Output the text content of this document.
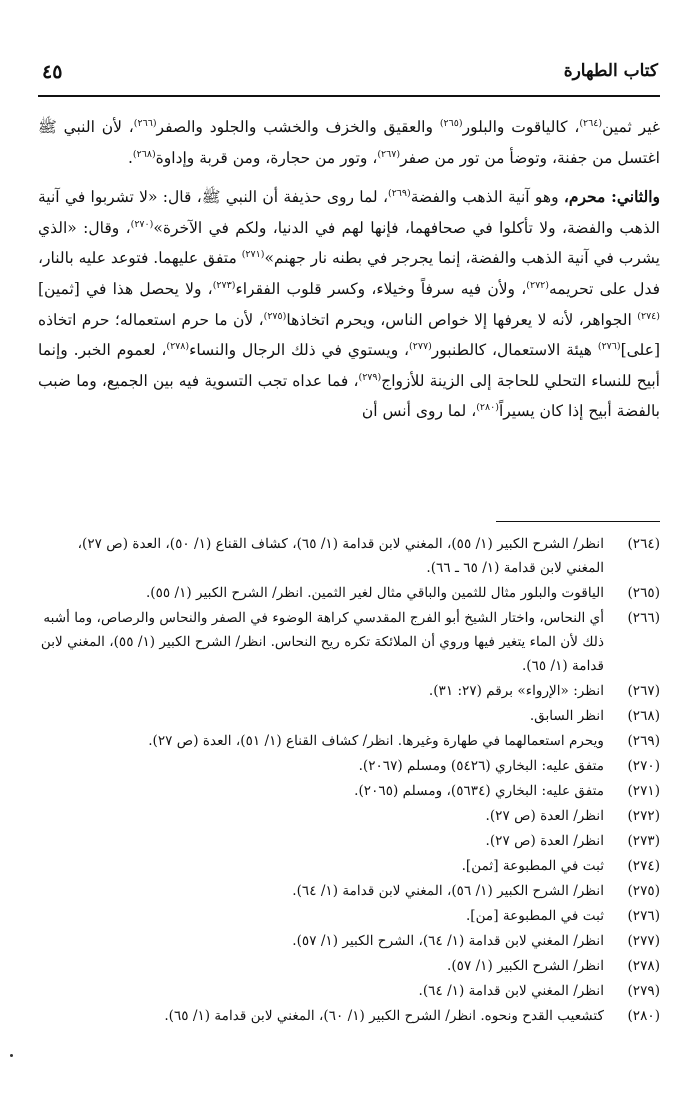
٤٥	كتاب الطهارة

غير ثمين$^{(٢٦٤)}$، كالياقوت والبلور$^{(٢٦٥)}$ والعقيق والخزف والخشب والجلود والصفر$^{(٢٦٦)}$، لأن النبي ﷺ اغتسل من جفنة، وتوضأ من تور من صفر$^{(٢٦٧)}$، وتور من حجارة، ومن قربة وإداوة$^{(٢٦٨)}$.

والثاني: محرم، وهو آنية الذهب والفضة$^{(٢٦٩)}$، لما روى حذيفة أن النبي ﷺ، قال: «لا تشربوا في آنية الذهب والفضة، ولا تأكلوا في صحافهما، فإنها لهم في الدنيا، ولكم في الآخرة»$^{(٢٧٠)}$، وقال: «الذي يشرب في آنية الذهب والفضة، إنما يجرجر في بطنه نار جهنم»$^{(٢٧١)}$ متفق عليهما. فتوعد عليه بالنار، فدل على تحريمه$^{(٢٧٢)}$، ولأن فيه سرفاً وخيلاء، وكسر قلوب الفقراء$^{(٢٧٣)}$، ولا يحصل هذا في [ثمين]$^{(٢٧٤)}$ الجواهر، لأنه لا يعرفها إلا خواص الناس، ويحرم اتخاذها$^{(٢٧٥)}$، لأن ما حرم استعماله؛ حرم اتخاذه [على]$^{(٢٧٦)}$ هيئة الاستعمال، كالطنبور$^{(٢٧٧)}$، ويستوي في ذلك الرجال والنساء$^{(٢٧٨)}$، لعموم الخبر. وإنما أبيح للنساء التحلي للحاجة إلى الزينة للأزواج$^{(٢٧٩)}$، فما عداه تجب التسوية فيه بين الجميع، وما ضبب بالفضة أبيح إذا كان يسيراً$^{(٢٨٠)}$، لما روى أنس أن

(٢٦٤)
انظر/ الشرح الكبير (١/ ٥٥)، المغني لابن قدامة (١/ ٦٥)، كشاف القناع (١/ ٥٠)، العدة (ص ٢٧)، المغني لابن قدامة (١/ ٦٥ ـ ٦٦).
(٢٦٥)
الياقوت والبلور مثال للثمين والباقي مثال لغير الثمين. انظر/ الشرح الكبير (١/ ٥٥).
(٢٦٦)
أي النحاس، واختار الشيخ أبو الفرج المقدسي كراهة الوضوء في الصفر والنحاس والرصاص، وما أشبه ذلك لأن الماء يتغير فيها وروي أن الملائكة تكره ريح النحاس. انظر/ الشرح الكبير (١/ ٥٥)، المغني لابن قدامة (١/ ٦٥).
(٢٦٧)
انظر: «الإرواء» برقم (٢٧: ٣١).
(٢٦٨)
انظر السابق.
(٢٦٩)
ويحرم استعمالهما في طهارة وغيرها. انظر/ كشاف القناع (١/ ٥١)، العدة (ص ٢٧).
(٢٧٠)
متفق عليه: البخاري (٥٤٢٦) ومسلم (٢٠٦٧).
(٢٧١)
متفق عليه: البخاري (٥٦٣٤)، ومسلم (٢٠٦٥).
(٢٧٢)
انظر/ العدة (ص ٢٧).
(٢٧٣)
انظر/ العدة (ص ٢٧).
(٢٧٤)
ثبت في المطبوعة [ثمن].
(٢٧٥)
انظر/ الشرح الكبير (١/ ٥٦)، المغني لابن قدامة (١/ ٦٤).
(٢٧٦)
ثبت في المطبوعة [من].
(٢٧٧)
انظر/ المغني لابن قدامة (١/ ٦٤)، الشرح الكبير (١/ ٥٧).
(٢٧٨)
انظر/ الشرح الكبير (١/ ٥٧).
(٢٧٩)
انظر/ المغني لابن قدامة (١/ ٦٤).
(٢٨٠)
كتشعيب القدح ونحوه. انظر/ الشرح الكبير (١/ ٦٠)، المغني لابن قدامة (١/ ٦٥).
